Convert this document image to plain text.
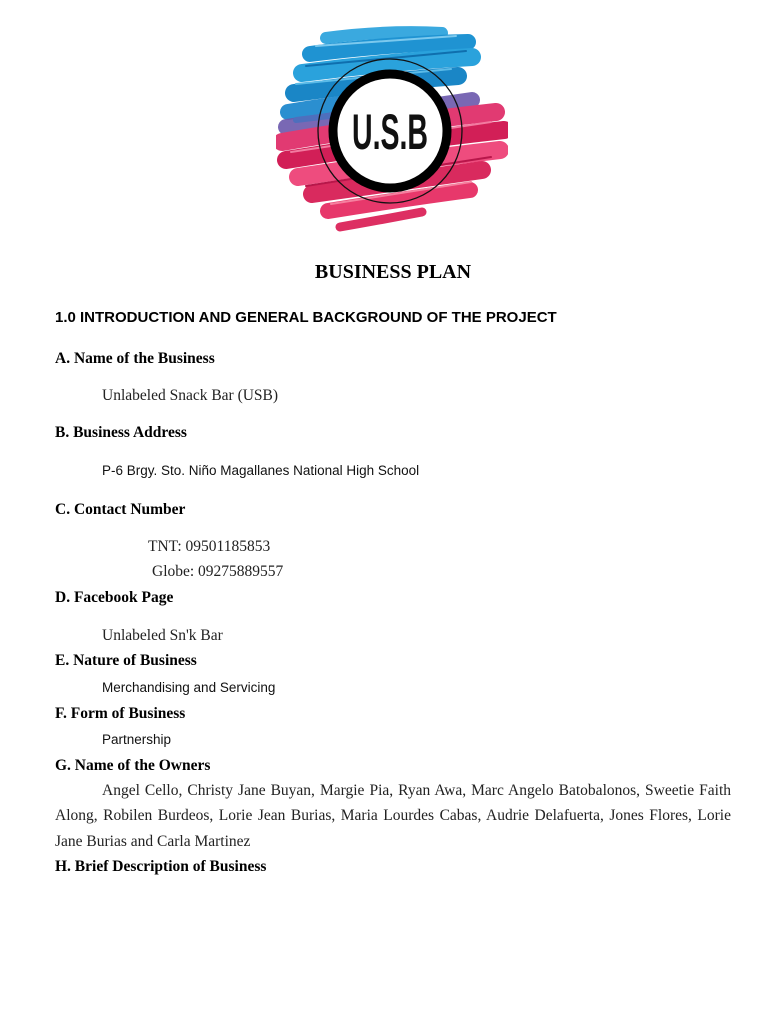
U.S.B
BUSINESS PLAN
1.0 INTRODUCTION AND GENERAL BACKGROUND OF THE PROJECT
A. Name of the Business
Unlabeled Snack Bar (USB)
B. Business Address
P-6 Brgy. Sto. Niño Magallanes National High School
C. Contact Number
TNT: 09501185853
Globe: 09275889557
D. Facebook Page
Unlabeled Sn'k Bar
E. Nature of Business
Merchandising and Servicing
F. Form of Business
Partnership
G. Name of the Owners
Angel Cello, Christy Jane Buyan, Margie Pia, Ryan Awa, Marc Angelo Batobalonos, Sweetie Faith
Along, Robilen Burdeos, Lorie Jean Burias, Maria Lourdes Cabas, Audrie Delafuerta, Jones Flores, Lorie
Jane Burias and Carla Martinez
H. Brief Description of Business
